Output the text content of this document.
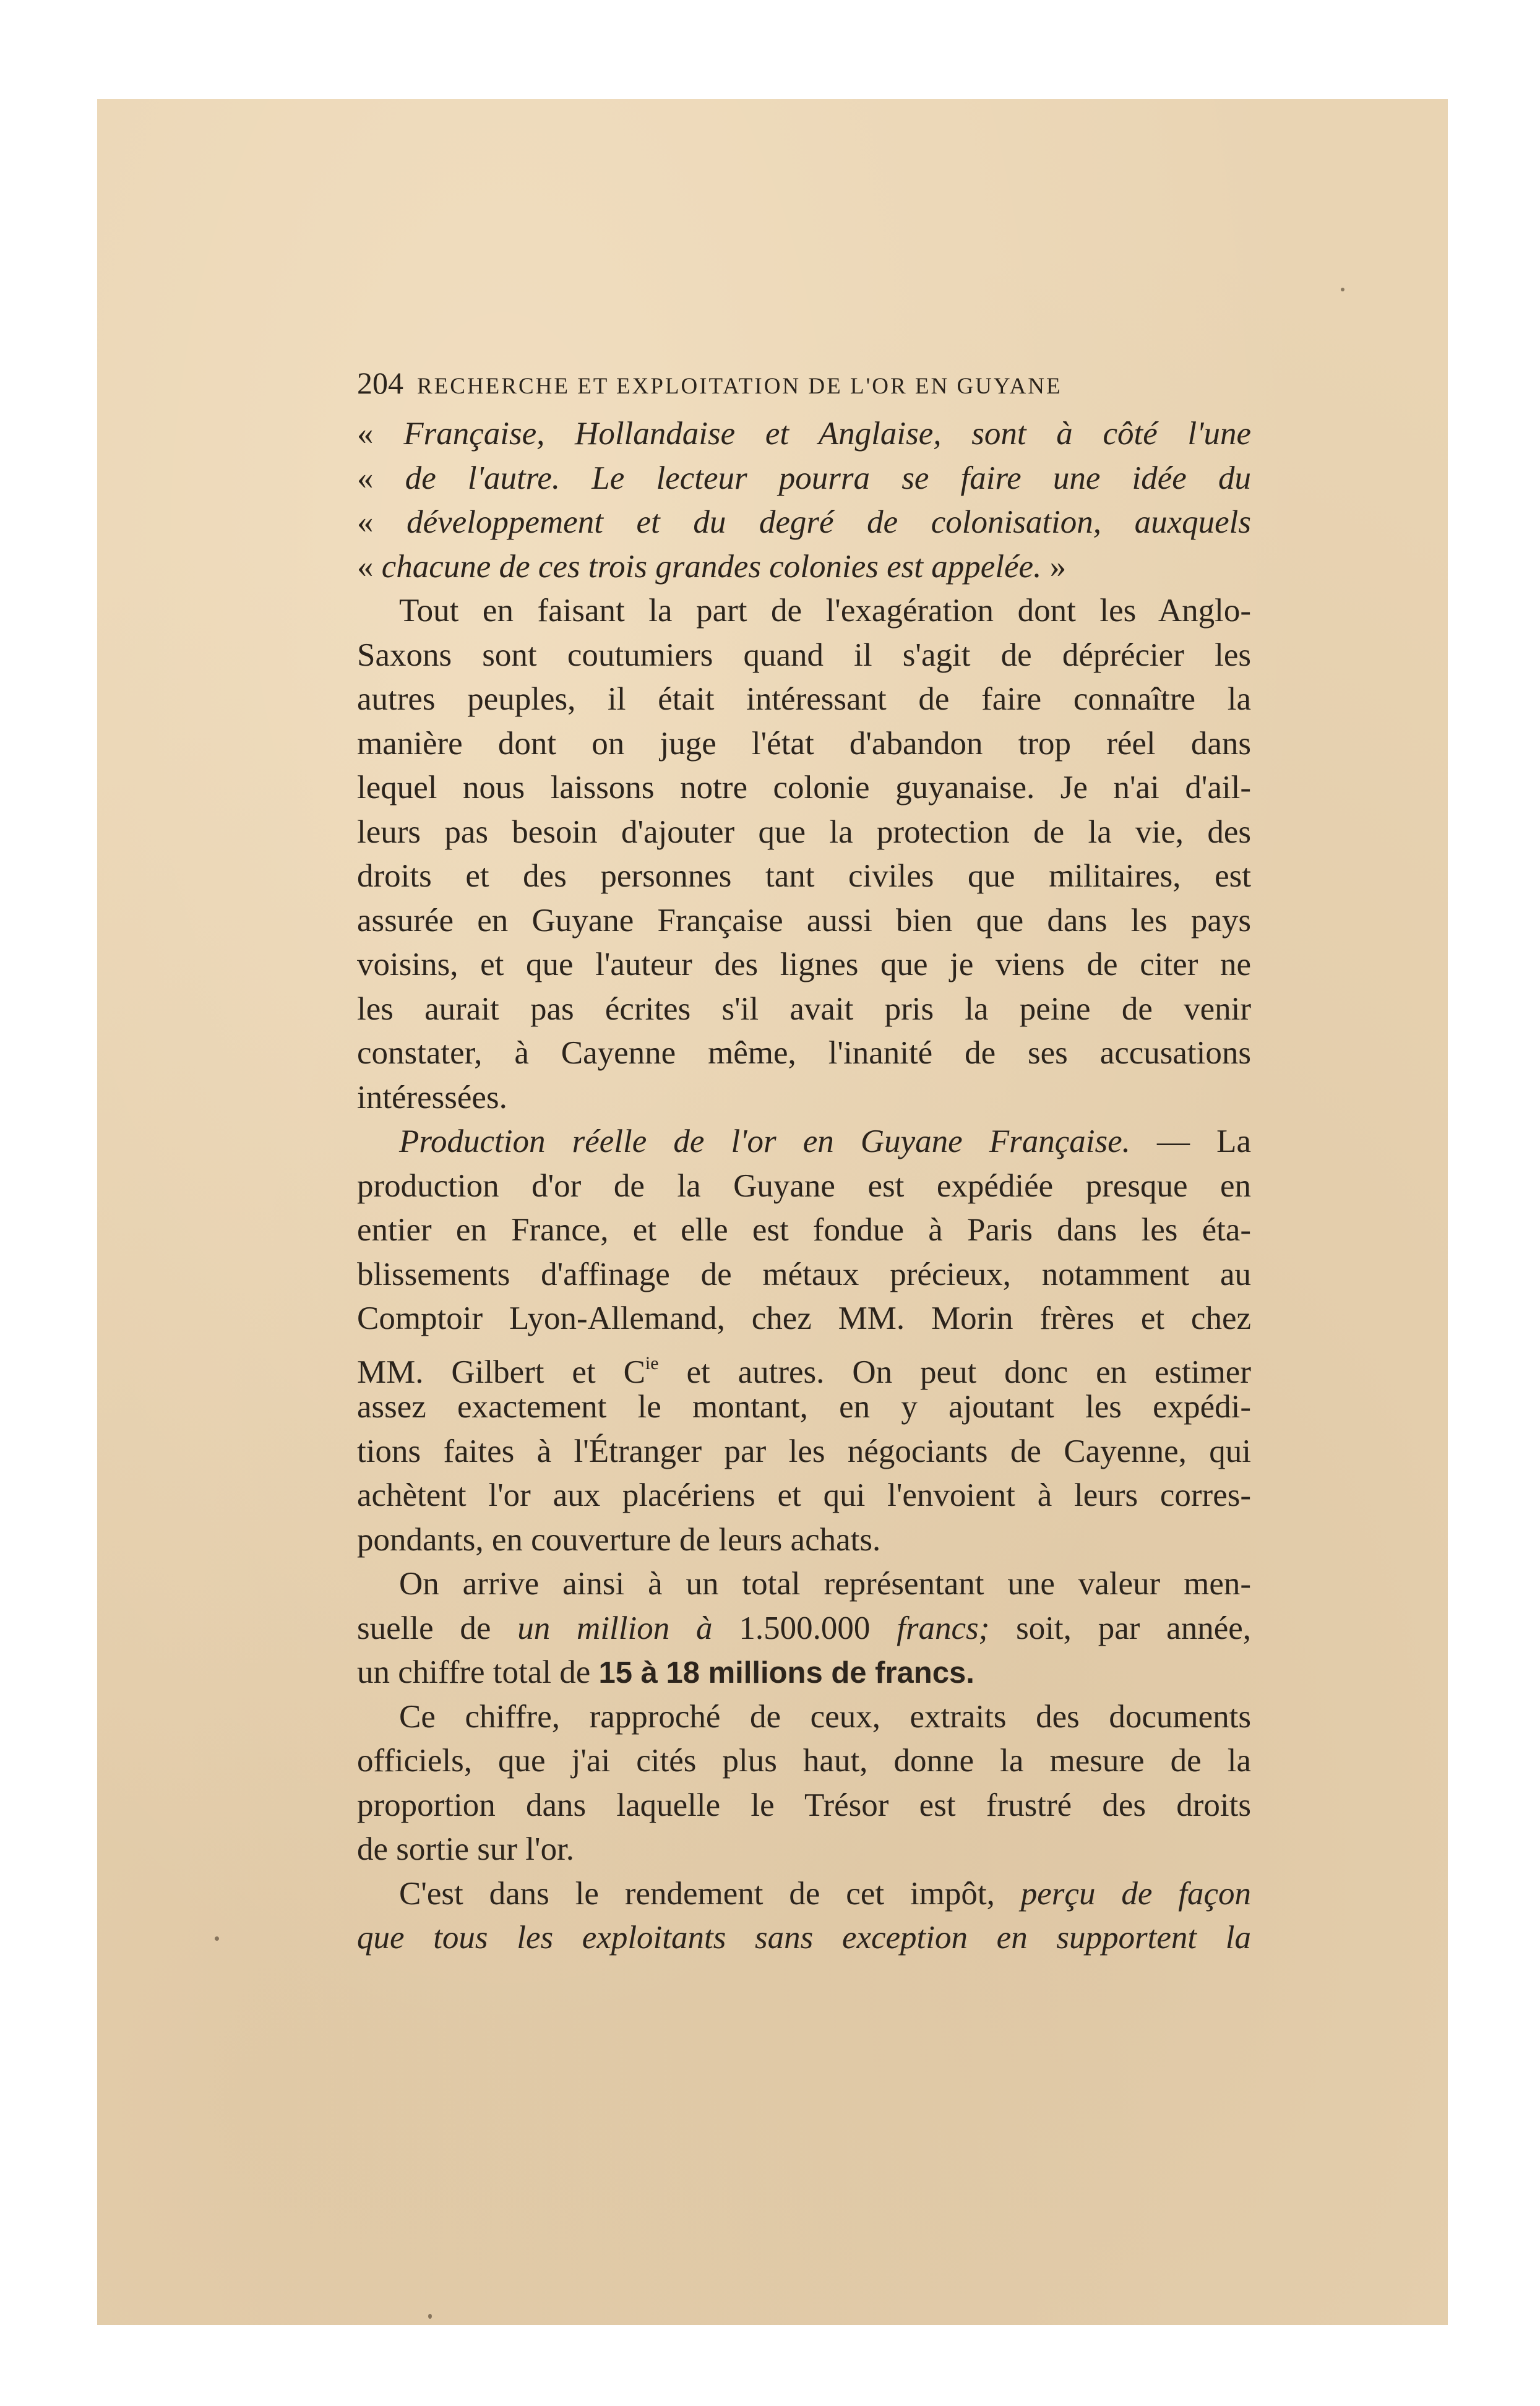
204 RECHERCHE ET EXPLOITATION DE L'OR EN GUYANE
« Française, Hollandaise et Anglaise, sont à côté l'une
« de l'autre. Le lecteur pourra se faire une idée du
« développement et du degré de colonisation, auxquels
« chacune de ces trois grandes colonies est appelée. »
Tout en faisant la part de l'exagération dont les Anglo-
Saxons sont coutumiers quand il s'agit de déprécier les
autres peuples, il était intéressant de faire connaître la
manière dont on juge l'état d'abandon trop réel dans
lequel nous laissons notre colonie guyanaise. Je n'ai d'ail-
leurs pas besoin d'ajouter que la protection de la vie, des
droits et des personnes tant civiles que militaires, est
assurée en Guyane Française aussi bien que dans les pays
voisins, et que l'auteur des lignes que je viens de citer ne
les aurait pas écrites s'il avait pris la peine de venir
constater, à Cayenne même, l'inanité de ses accusations
intéressées.
Production réelle de l'or en Guyane Française. — La
production d'or de la Guyane est expédiée presque en
entier en France, et elle est fondue à Paris dans les éta-
blissements d'affinage de métaux précieux, notamment au
Comptoir Lyon-Allemand, chez MM. Morin frères et chez
MM. Gilbert et $C^{ie}$ et autres. On peut donc en estimer
assez exactement le montant, en y ajoutant les expédi-
tions faites à l'Étranger par les négociants de Cayenne, qui
achètent l'or aux placériens et qui l'envoient à leurs corres-
pondants, en couverture de leurs achats.
On arrive ainsi à un total représentant une valeur men-
suelle de un million à 1.500.000 francs; soit, par année,
un chiffre total de 15 à 18 millions de francs.
Ce chiffre, rapproché de ceux, extraits des documents
officiels, que j'ai cités plus haut, donne la mesure de la
proportion dans laquelle le Trésor est frustré des droits
de sortie sur l'or.
C'est dans le rendement de cet impôt, perçu de façon
que tous les exploitants sans exception en supportent la
